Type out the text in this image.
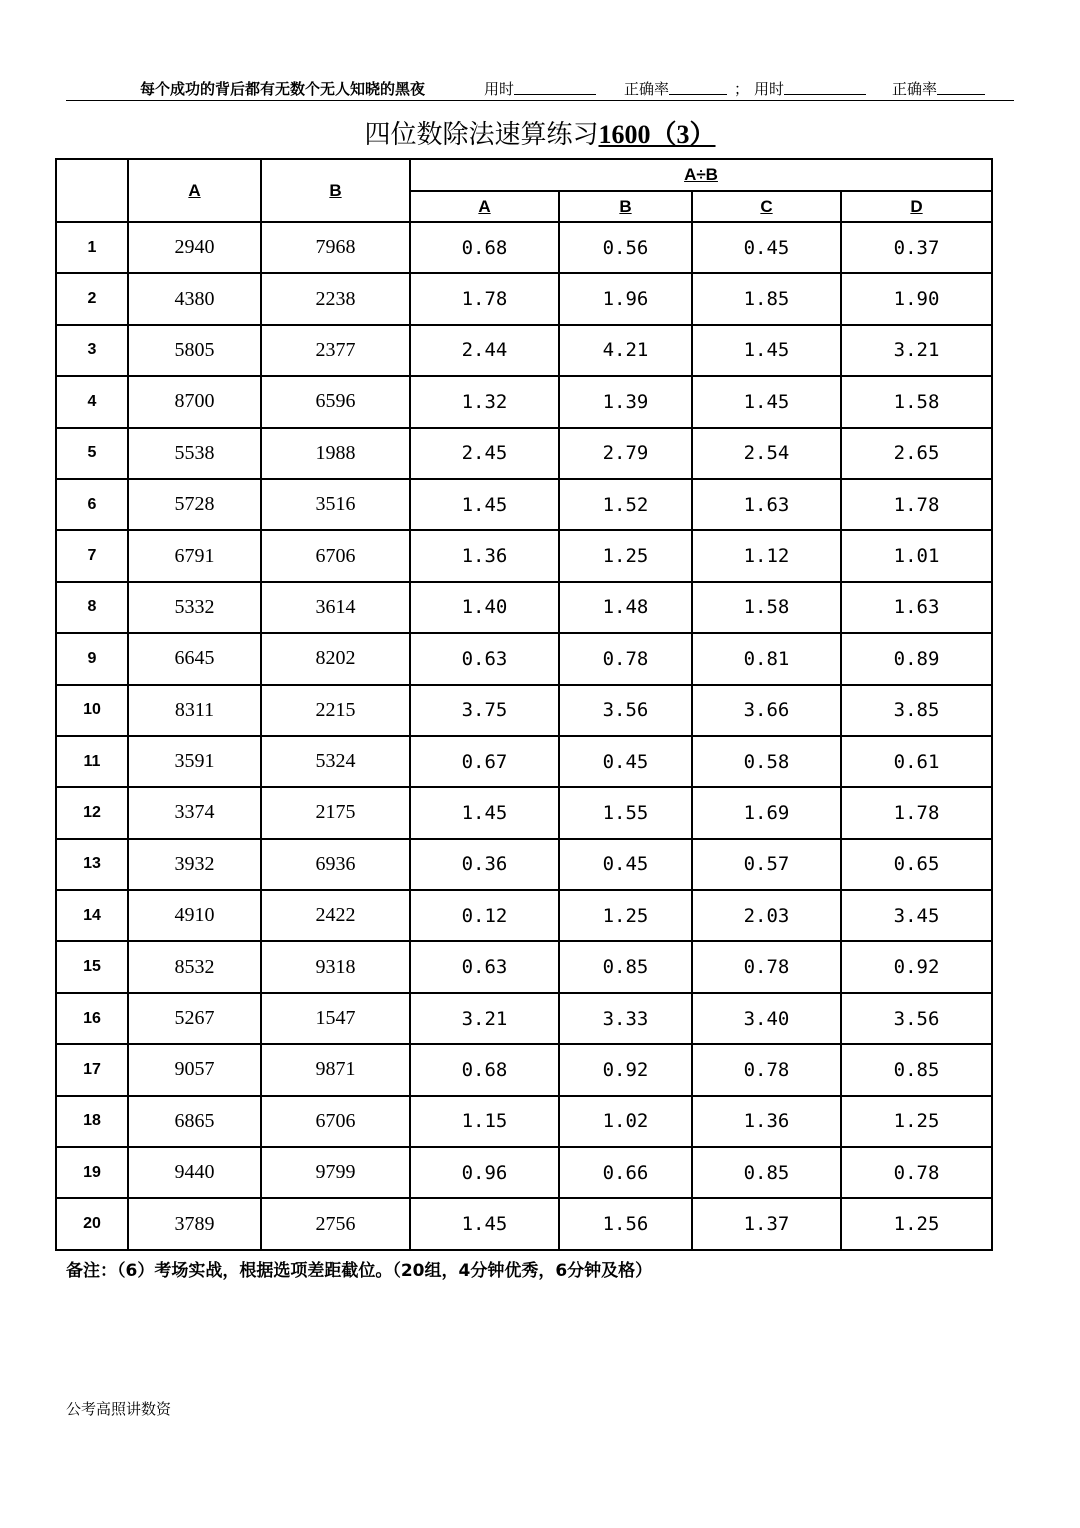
每个成功的背后都有无数个无人知晓的黑夜	用时	正确率	； 用时	正确率
四位数除法速算练习1600（3）
	A	B	A÷B			
			A	B	C	D
1	2940	7968	0.68	0.56	0.45	0.37
2	4380	2238	1.78	1.96	1.85	1.90
3	5805	2377	2.44	4.21	1.45	3.21
4	8700	6596	1.32	1.39	1.45	1.58
5	5538	1988	2.45	2.79	2.54	2.65
6	5728	3516	1.45	1.52	1.63	1.78
7	6791	6706	1.36	1.25	1.12	1.01
8	5332	3614	1.40	1.48	1.58	1.63
9	6645	8202	0.63	0.78	0.81	0.89
10	8311	2215	3.75	3.56	3.66	3.85
11	3591	5324	0.67	0.45	0.58	0.61
12	3374	2175	1.45	1.55	1.69	1.78
13	3932	6936	0.36	0.45	0.57	0.65
14	4910	2422	0.12	1.25	2.03	3.45
15	8532	9318	0.63	0.85	0.78	0.92
16	5267	1547	3.21	3.33	3.40	3.56
17	9057	9871	0.68	0.92	0.78	0.85
18	6865	6706	1.15	1.02	1.36	1.25
19	9440	9799	0.96	0.66	0.85	0.78
20	3789	2756	1.45	1.56	1.37	1.25
备注：（6）考场实战，根据选项差距截位。（20组，4分钟优秀，6分钟及格）
公考高照讲数资
